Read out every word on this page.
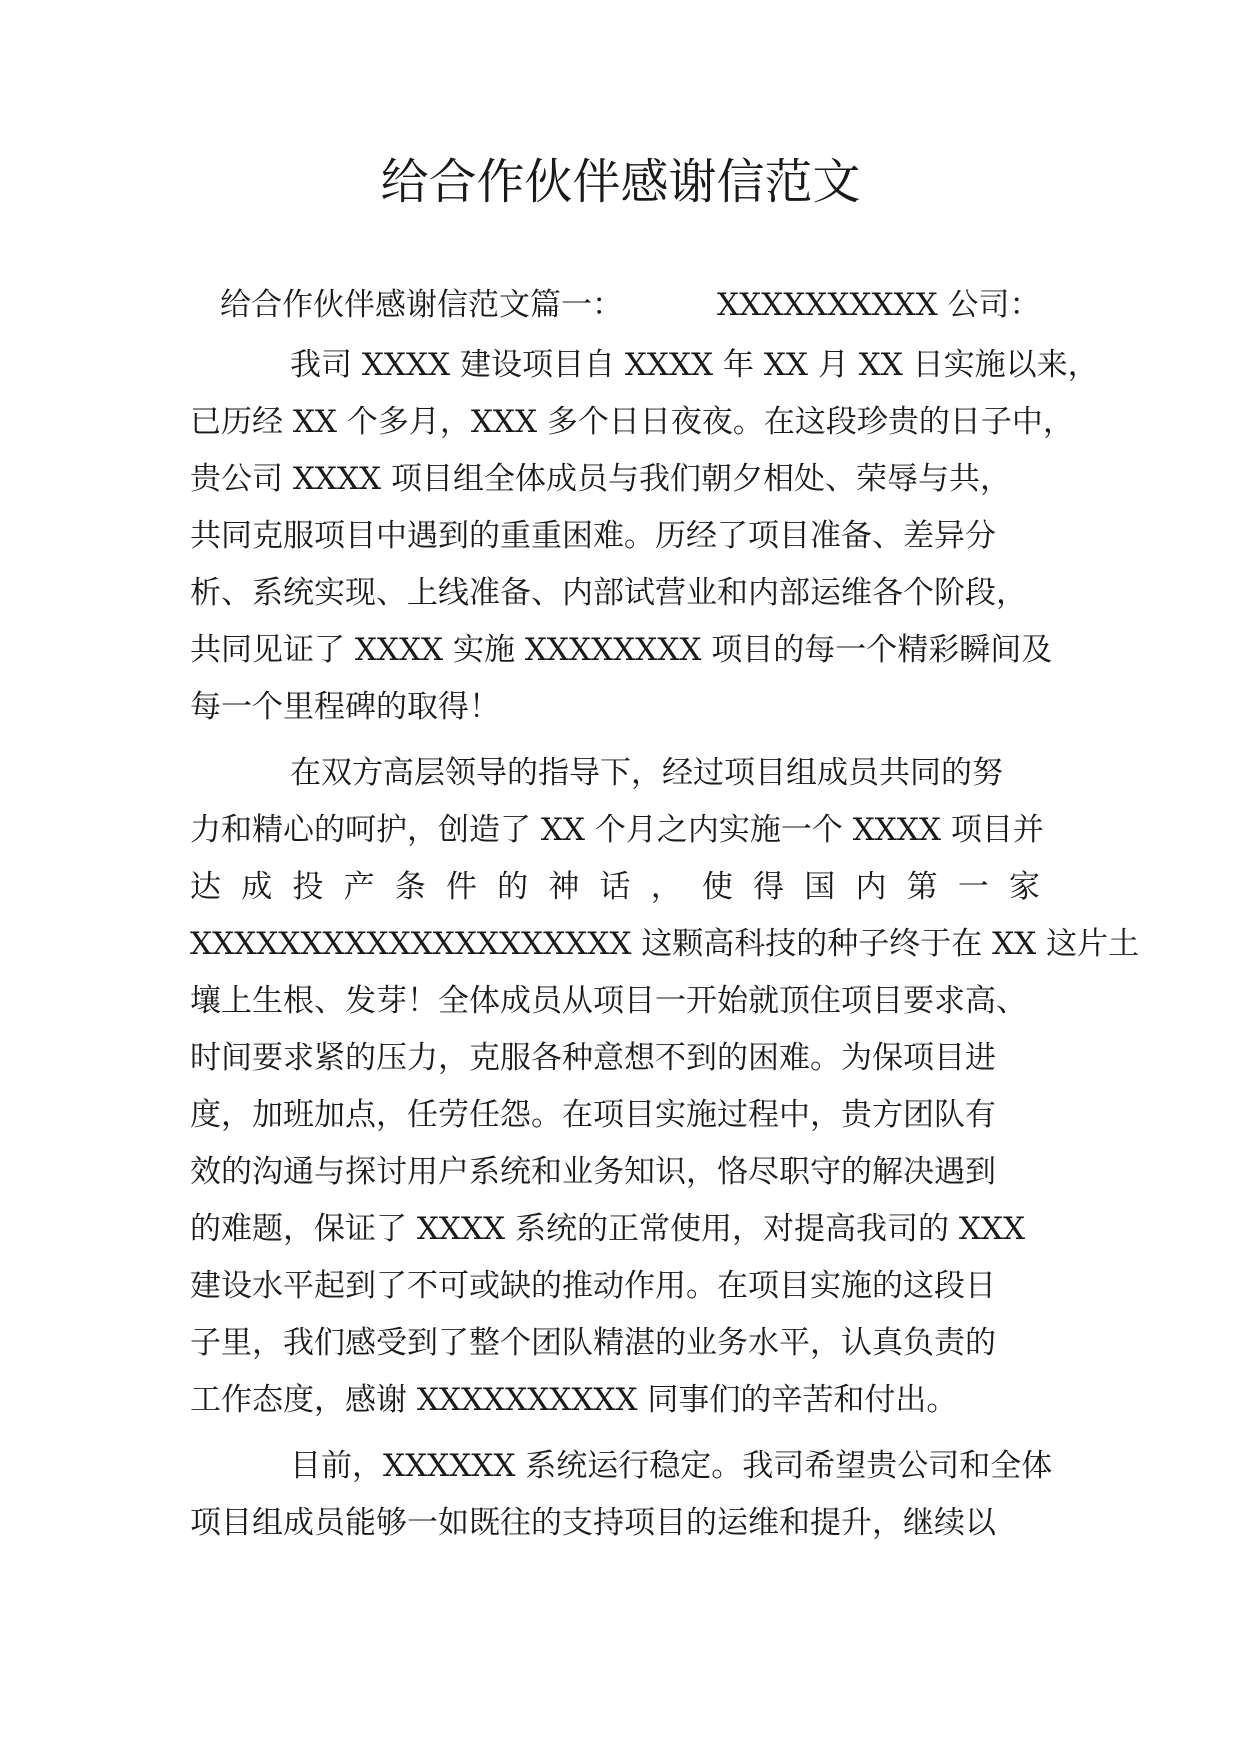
给合作伙伴感谢信范文
给合作伙伴感谢信范文篇一：	XXXXXXXXXX 公司：
我司 XXXX 建设项目自 XXXX 年 XX 月 XX 日实施以来，
已历经 XX 个多月，XXX 多个日日夜夜。在这段珍贵的日子中，
贵公司 XXXX 项目组全体成员与我们朝夕相处、荣辱与共，
共同克服项目中遇到的重重困难。历经了项目准备、差异分
析、系统实现、上线准备、内部试营业和内部运维各个阶段，
共同见证了 XXXX 实施 XXXXXXXX 项目的每一个精彩瞬间及
每一个里程碑的取得！
在双方高层领导的指导下，经过项目组成员共同的努
力和精心的呵护，创造了 XX 个月之内实施一个 XXXX 项目并
达 成 投 产 条 件 的 神 话 ， 使 得 国 内 第 一 家
XXXXXXXXXXXXXXXXXXXX 这颗高科技的种子终于在 XX 这片土
壤上生根、发芽！全体成员从项目一开始就顶住项目要求高、
时间要求紧的压力，克服各种意想不到的困难。为保项目进
度，加班加点，任劳任怨。在项目实施过程中，贵方团队有
效的沟通与探讨用户系统和业务知识，恪尽职守的解决遇到
的难题，保证了 XXXX 系统的正常使用，对提高我司的 XXX
建设水平起到了不可或缺的推动作用。在项目实施的这段日
子里，我们感受到了整个团队精湛的业务水平，认真负责的
工作态度，感谢 XXXXXXXXXX 同事们的辛苦和付出。
目前，XXXXXX 系统运行稳定。我司希望贵公司和全体
项目组成员能够一如既往的支持项目的运维和提升，继续以
